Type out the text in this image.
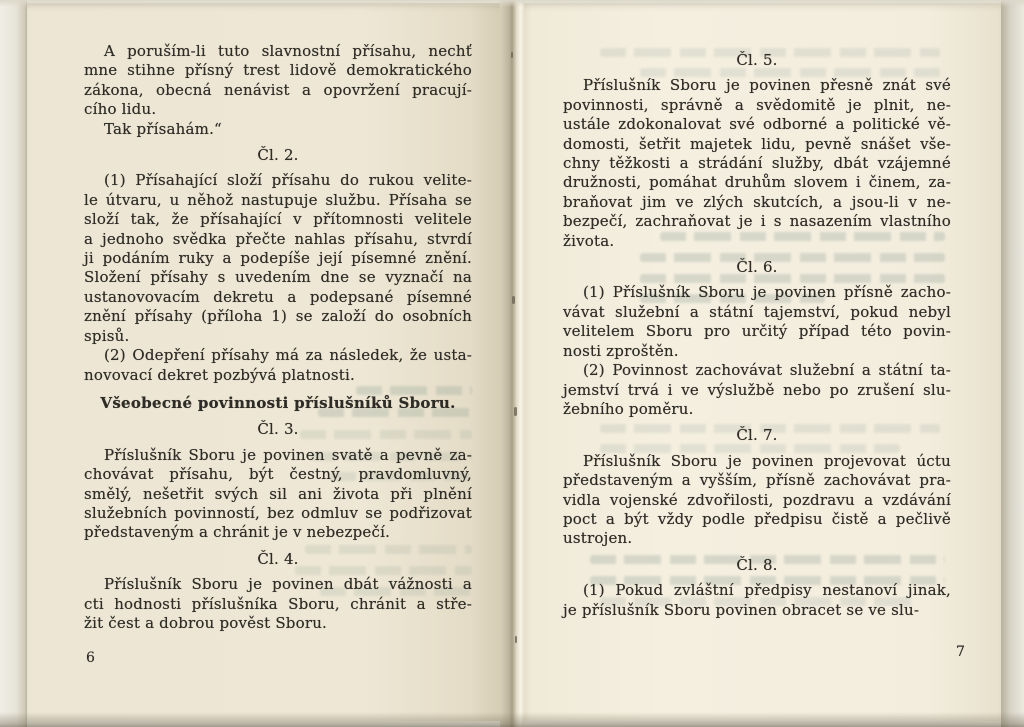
A poruším-li tuto slavnostní přísahu, nechť
mne stihne přísný trest lidově demokratického
zákona, obecná nenávist a opovržení pracují-
cího lidu.
Tak přísahám.“
Čl. 2.
(1) Přísahající složí přísahu do rukou velite-
le útvaru, u něhož nastupuje službu. Přísaha se
složí tak, že přísahající v přítomnosti velitele
a jednoho svědka přečte nahlas přísahu, stvrdí
ji podáním ruky a podepíše její písemné znění.
Složení přísahy s uvedením dne se vyznačí na
ustanovovacím dekretu a podepsané písemné
znění přísahy (příloha 1) se založí do osobních
spisů.
(2) Odepření přísahy má za následek, že usta-
novovací dekret pozbývá platnosti.
Všeobecné povinnosti příslušníků Sboru.
Čl. 3.
Příslušník Sboru je povinen svatě a pevně za-
chovávat přísahu, být čestný, pravdomluvný,
smělý, nešetřit svých sil ani života při plnění
služebních povinností, bez odmluv se podřizovat
představeným a chránit je v nebezpečí.
Čl. 4.
Příslušník Sboru je povinen dbát vážnosti a
cti hodnosti příslušníka Sboru, chránit a stře-
žit čest a dobrou pověst Sboru.
Čl. 5.
Příslušník Sboru je povinen přesně znát své
povinnosti, správně a svědomitě je plnit, ne-
ustále zdokonalovat své odborné a politické vě-
domosti, šetřit majetek lidu, pevně snášet vše-
chny těžkosti a strádání služby, dbát vzájemné
družnosti, pomáhat druhům slovem i činem, za-
braňovat jim ve zlých skutcích, a jsou-li v ne-
bezpečí, zachraňovat je i s nasazením vlastního
života.
Čl. 6.
(1) Příslušník Sboru je povinen přísně zacho-
vávat služební a státní tajemství, pokud nebyl
velitelem Sboru pro určitý případ této povin-
nosti zproštěn.
(2) Povinnost zachovávat služební a státní ta-
jemství trvá i ve výslužbě nebo po zrušení slu-
žebního poměru.
Čl. 7.
Příslušník Sboru je povinen projevovat úctu
představeným a vyšším, přísně zachovávat pra-
vidla vojenské zdvořilosti, pozdravu a vzdávání
poct a být vždy podle předpisu čistě a pečlivě
ustrojen.
Čl. 8.
(1) Pokud zvláštní předpisy nestanoví jinak,
je příslušník Sboru povinen obracet se ve slu-
6	7
